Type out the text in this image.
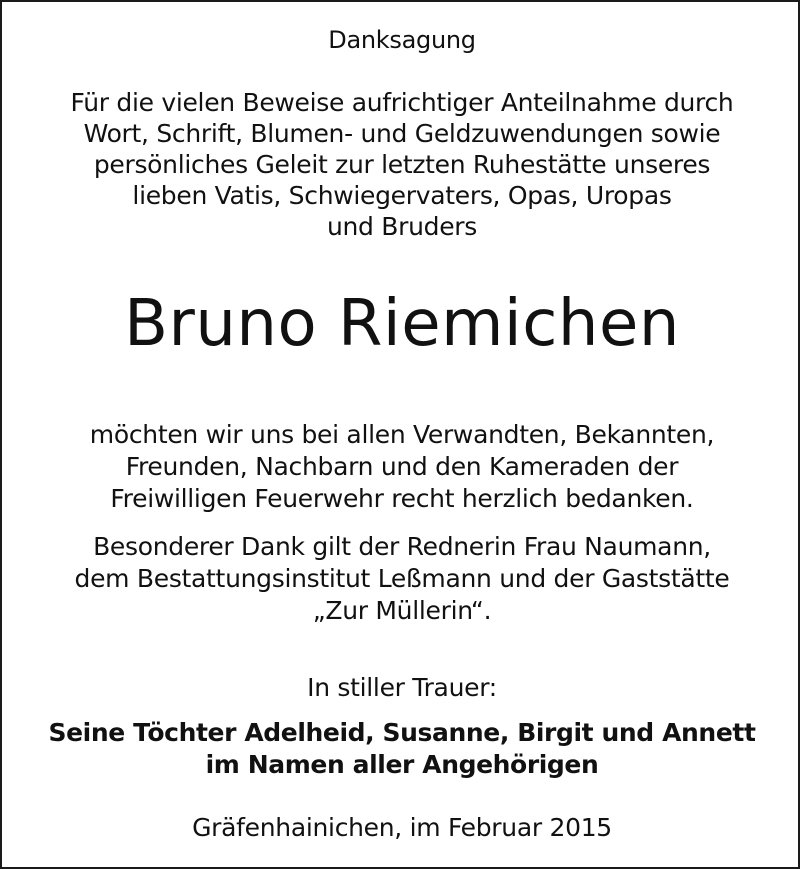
Danksagung
Für die vielen Beweise aufrichtiger Anteilnahme durch
Wort, Schrift, Blumen- und Geldzuwendungen sowie
persönliches Geleit zur letzten Ruhestätte unseres
lieben Vatis, Schwiegervaters, Opas, Uropas
und Bruders
Bruno Riemichen
möchten wir uns bei allen Verwandten, Bekannten,
Freunden, Nachbarn und den Kameraden der
Freiwilligen Feuerwehr recht herzlich bedanken.
Besonderer Dank gilt der Rednerin Frau Naumann,
dem Bestattungsinstitut Leßmann und der Gaststätte
„Zur Müllerin“.
In stiller Trauer:
Seine Töchter Adelheid, Susanne, Birgit und Annett
im Namen aller Angehörigen
Gräfenhainichen, im Februar 2015
